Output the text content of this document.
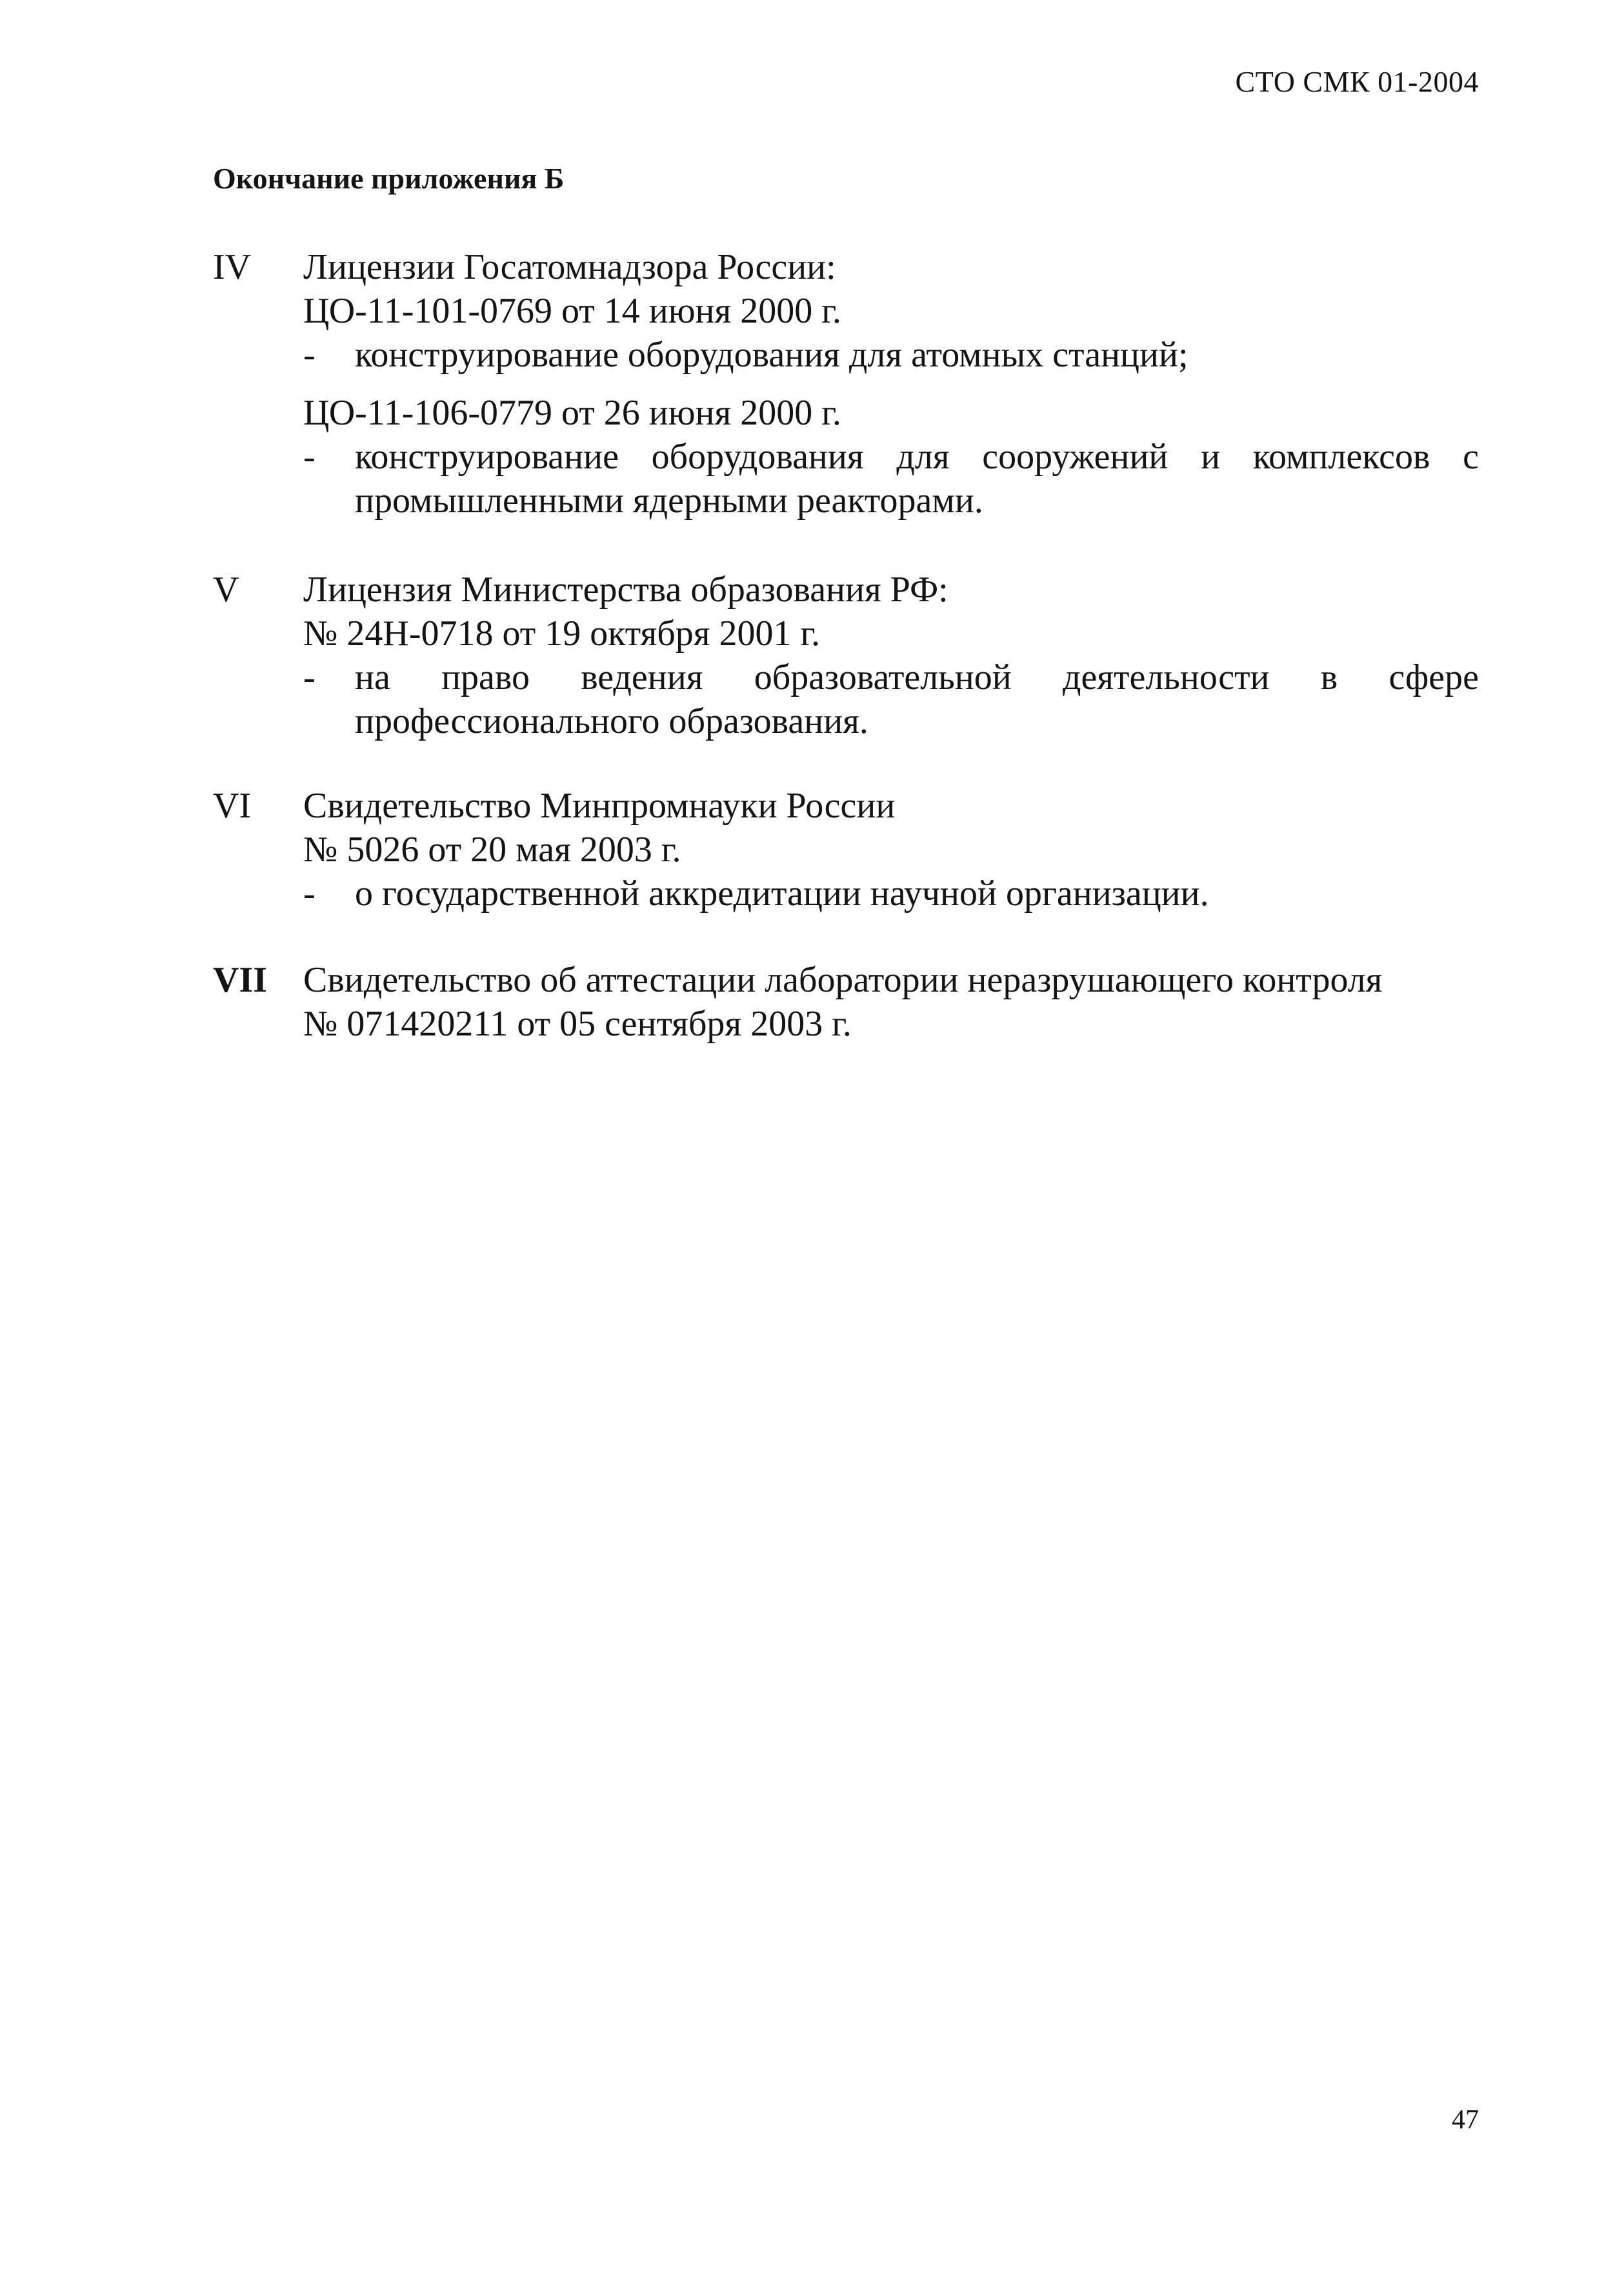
СТО СМК 01-2004
Окончание приложения Б
IV Лицензии Госатомнадзора России:
ЦО-11-101-0769 от 14 июня 2000 г.
- конструирование оборудования для атомных станций;
ЦО-11-106-0779 от 26 июня 2000 г.
- конструирование оборудования для сооружений и комплексов с промышленными ядерными реакторами.
V Лицензия Министерства образования РФ:
№ 24Н-0718 от 19 октября 2001 г.
- на право ведения образовательной деятельности в сфере профессионального образования.
VI Свидетельство Минпромнауки России
№ 5026 от 20 мая 2003 г.
- о государственной аккредитации научной организации.
VII Свидетельство об аттестации лаборатории неразрушающего контроля
№ 071420211 от 05 сентября 2003 г.
47
